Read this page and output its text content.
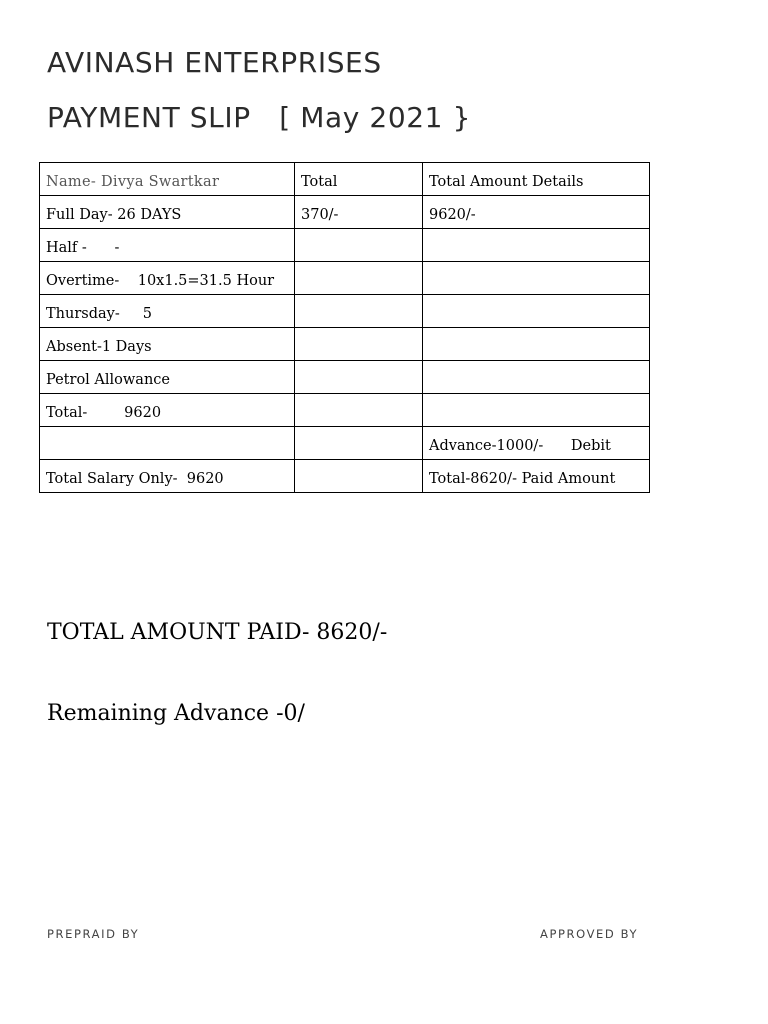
AVINASH ENTERPRISES
PAYMENT SLIP   [ May 2021 }
Name- Divya Swartkar	Total	Total Amount Details
Full Day- 26 DAYS	370/-	9620/-
Half -      -		
Overtime-    10x1.5=31.5 Hour		
Thursday-     5		
Absent-1 Days		
Petrol Allowance		
Total-        9620		
		Advance-1000/-      Debit
Total Salary Only-  9620		Total-8620/- Paid Amount

TOTAL AMOUNT PAID- 8620/-

Remaining Advance -0/

PREPRAID BY	APPROVED BY
